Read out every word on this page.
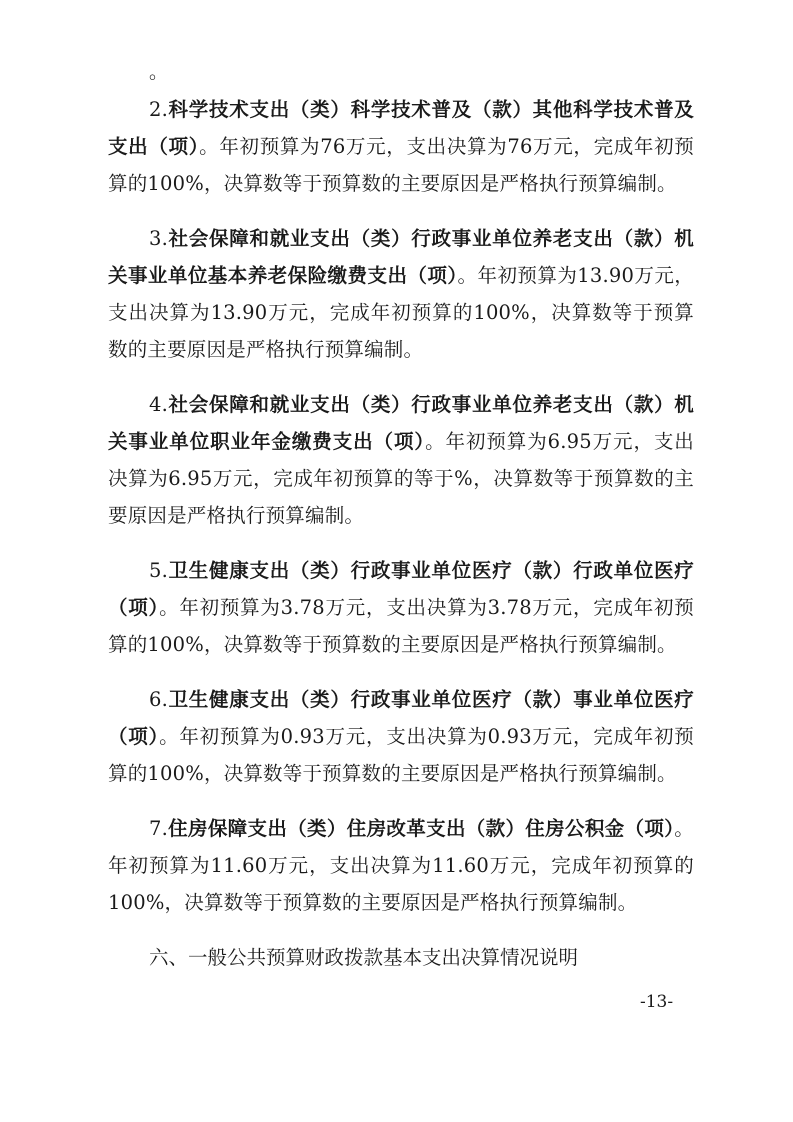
。

2.科学技术支出（类）科学技术普及（款）其他科学技术普及支出（项）。年初预算为76万元，支出决算为76万元，完成年初预算的100%，决算数等于预算数的主要原因是严格执行预算编制。

3.社会保障和就业支出（类）行政事业单位养老支出（款）机关事业单位基本养老保险缴费支出（项）。年初预算为13.90万元，支出决算为13.90万元，完成年初预算的100%，决算数等于预算数的主要原因是严格执行预算编制。

4.社会保障和就业支出（类）行政事业单位养老支出（款）机关事业单位职业年金缴费支出（项）。年初预算为6.95万元，支出决算为6.95万元，完成年初预算的等于%，决算数等于预算数的主要原因是严格执行预算编制。

5.卫生健康支出（类）行政事业单位医疗（款）行政单位医疗（项）。年初预算为3.78万元，支出决算为3.78万元，完成年初预算的100%，决算数等于预算数的主要原因是严格执行预算编制。

6.卫生健康支出（类）行政事业单位医疗（款）事业单位医疗（项）。年初预算为0.93万元，支出决算为0.93万元，完成年初预算的100%，决算数等于预算数的主要原因是严格执行预算编制。

7.住房保障支出（类）住房改革支出（款）住房公积金（项）。年初预算为11.60万元，支出决算为11.60万元，完成年初预算的100%，决算数等于预算数的主要原因是严格执行预算编制。

六、一般公共预算财政拨款基本支出决算情况说明

-13-
